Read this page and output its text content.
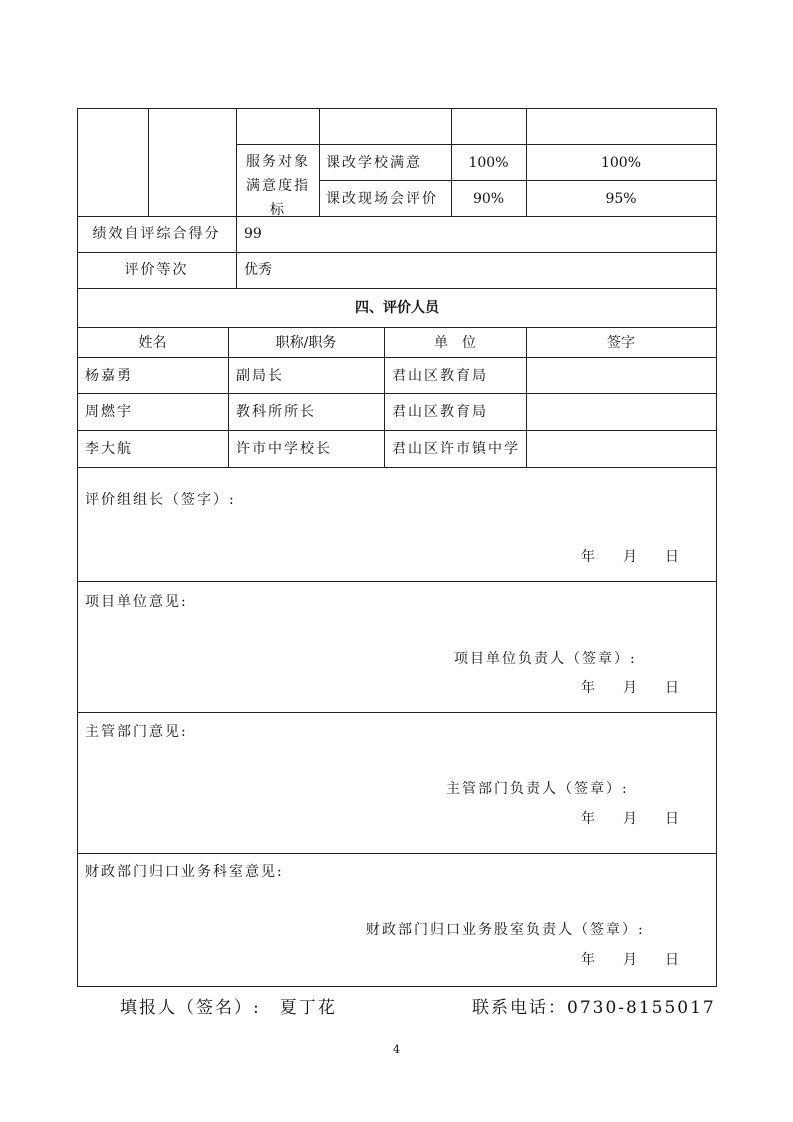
服务对象满意度指标
课改学校满意	100%	100%
课改现场会评价	90%	95%
绩效自评综合得分	99
评价等次	优秀
四、评价人员
姓名	职称/职务	单　位	签字
杨嘉勇	副局长	君山区教育局
周燃宇	教科所所长	君山区教育局
李大航	许市中学校长	君山区许市镇中学
评价组组长（签字）:
年　　月　　日
项目单位意见:
项目单位负责人（签章）:
年　　月　　日
主管部门意见:
主管部门负责人（签章）:
年　　月　　日
财政部门归口业务科室意见:
财政部门归口业务股室负责人（签章）:
年　　月　　日
填报人（签名）:　夏丁花	联系电话：0730-8155017
4
